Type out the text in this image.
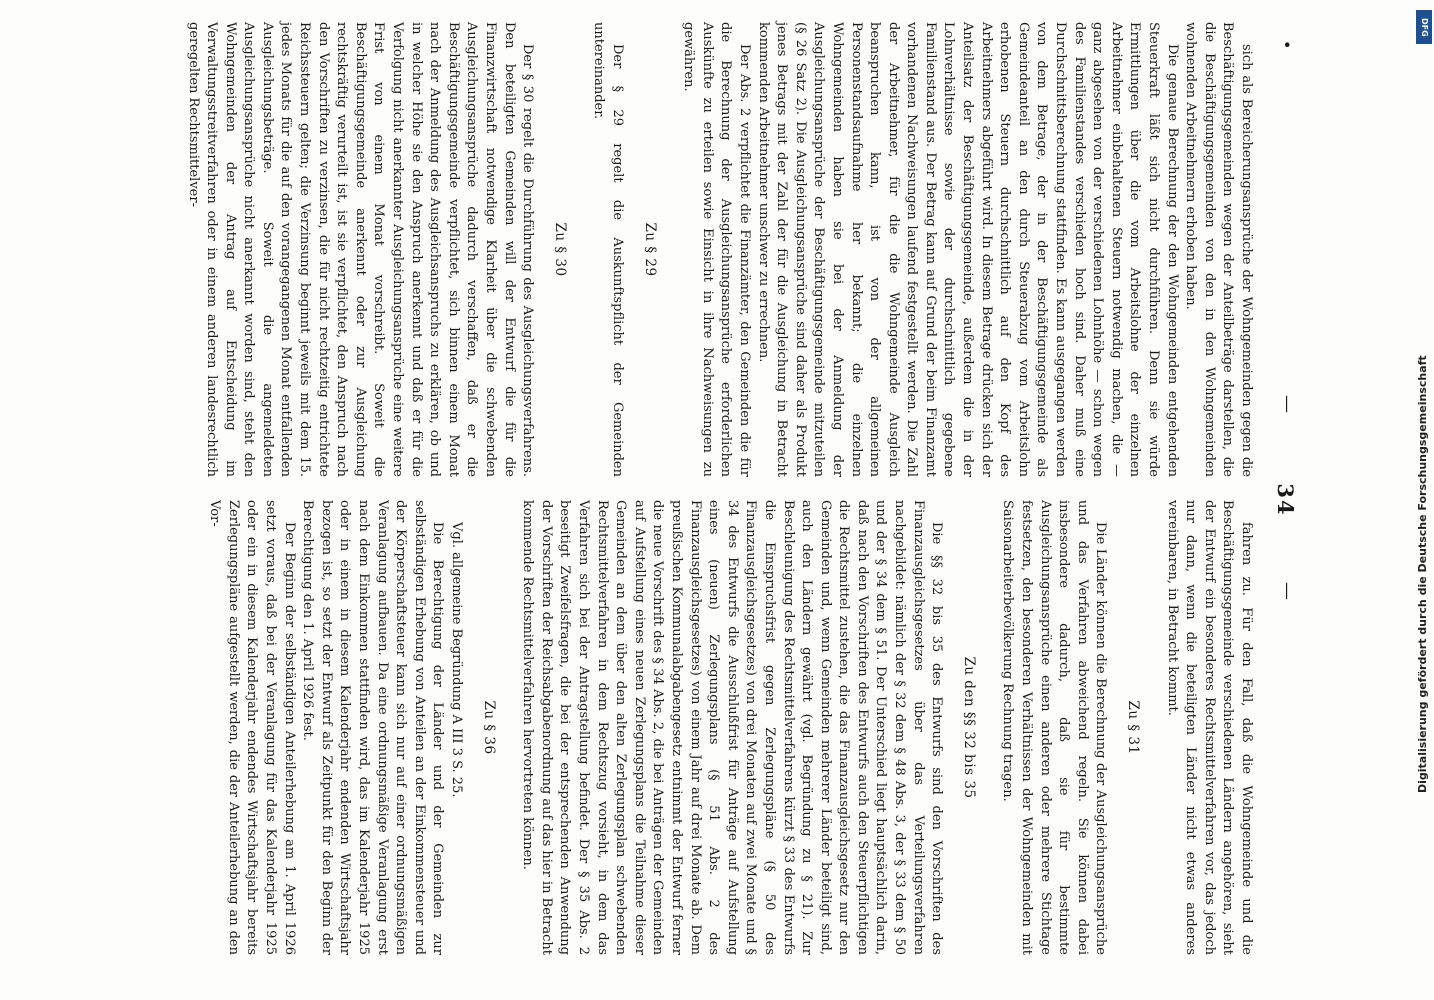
•
—
34
—

sich als Bereicherungsansprüche der Wohngemeinden gegen die Beschäftigungsgemeinden wegen der Anteilbeträge darstellen, die die Beschäftigungsgemeinden von den in den Wohngemeinden wohnenden Arbeitnehmern erhoben haben.

Die genaue Berechnung der den Wohngemeinden entgehenden Steuerkraft läßt sich nicht durchführen. Denn sie würde Ermittlungen über die vom Arbeitslohne der einzelnen Arbeitnehmer einbehaltenen Steuern notwendig machen, die — ganz abgesehen von der verschiedenen Lohnhöhe — schon wegen des Familienstandes verschieden hoch sind. Daher muß eine Durchschnittsberechnung stattfinden. Es kann ausgegangen werden von dem Betrage, der in der Beschäftigungsgemeinde als Gemeindeanteil an den durch Steuerabzug vom Arbeitslohn erhobenen Steuern durchschnittlich auf den Kopf des Arbeitnehmers abgeführt wird. In diesem Betrage drücken sich der Anteilsatz der Beschäftigungsgemeinde, außerdem die in der Lohnverhältnisse sowie der durchschnittlich gegebene Familienstand aus. Der Betrag kann auf Grund der beim Finanzamt vorhandenen Nachweisungen laufend festgestellt werden. Die Zahl der Arbeitnehmer, für die die Wohngemeinde Ausgleich beanspruchen kann, ist von der allgemeinen Personenstandsaufnahme her bekannt; die einzelnen Wohngemeinden haben sie bei der Anmeldung der Ausgleichungsansprüche der Beschäftigungsgemeinde mitzuteilen (§ 26 Satz 2). Die Ausgleichungsansprüche sind daher als Produkt jenes Betrags mit der Zahl der für die Ausgleichung in Betracht kommenden Arbeitnehmer unschwer zu errechnen.

Der Abs. 2 verpflichtet die Finanzämter, den Gemeinden die für die Berechnung der Ausgleichungsansprüche erforderlichen Auskünfte zu erteilen sowie Einsicht in ihre Nachweisungen zu gewähren.

Zu § 29

Der § 29 regelt die Auskunftspflicht der Gemeinden untereinander.

Zu § 30

Der § 30 regelt die Durchführung des Ausgleichungsverfahrens. Den beteiligten Gemeinden will der Entwurf die für die Finanzwirtschaft notwendige Klarheit über die schwebenden Ausgleichungsansprüche dadurch verschaffen, daß er die Beschäftigungsgemeinde verpflichtet, sich binnen einem Monat nach der Anmeldung des Ausgleichsanspruchs zu erklären, ob und in welcher Höhe sie den Anspruch anerkennt und daß er für die Verfolgung nicht anerkannter Ausgleichungsansprüche eine weitere Frist von einem Monat vorschreibt. Soweit die Beschäftigungsgemeinde anerkennt oder zur Ausgleichung rechtskräftig verurteilt ist, ist sie verpflichtet, den Anspruch nach den Vorschriften zu verzinsen, die für nicht rechtzeitig entrichtete Reichssteuern gelten; die Verzinsung beginnt jeweils mit dem 15. jedes Monats für die auf den vorangegangenen Monat entfallenden Ausgleichungsbeträge. Soweit die angemeldeten Ausgleichungsansprüche nicht anerkannt worden sind, steht den Wohngemeinden der Antrag auf Entscheidung im Verwaltungsstreitverfahren oder in einem anderen landesrechtlich geregelten Rechtsmittelver-

fahren zu. Für den Fall, daß die Wohngemeinde und die Beschäftigungsgemeinde verschiedenen Ländern angehören, sieht der Entwurf ein besonderes Rechtsmittelverfahren vor, das jedoch nur dann, wenn die beteiligten Länder nicht etwas anderes vereinbaren, in Betracht kommt.

Zu § 31

Die Länder können die Berechnung der Ausgleichungsansprüche und das Verfahren abweichend regeln. Sie können dabei insbesondere dadurch, daß sie für bestimmte Ausgleichungsansprüche einen anderen oder mehrere Stichtage festsetzen, den besonderen Verhältnissen der Wohngemeinden mit Saisonarbeiterbevölkerung Rechnung tragen.

Zu den §§ 32 bis 35

Die §§ 32 bis 35 des Entwurfs sind den Vorschriften des Finanzausgleichsgesetzes über das Verteilungsverfahren nachgebildet: nämlich der § 32 dem § 48 Abs. 3, der § 33 dem § 50 und der § 34 dem § 51. Der Unterschied liegt hauptsächlich darin, daß nach den Vorschriften des Entwurfs auch den Steuerpflichtigen die Rechtsmittel zustehen, die das Finanzausgleichsgesetz nur den Gemeinden und, wenn Gemeinden mehrerer Länder beteiligt sind, auch den Ländern gewährt (vgl. Begründung zu § 21). Zur Beschleunigung des Rechtsmittelverfahrens kürzt § 33 des Entwurfs die Einspruchsfrist gegen Zerlegungspläne (§ 50 des Finanzausgleichsgesetzes) von drei Monaten auf zwei Monate und § 34 des Entwurfs die Ausschlußfrist für Anträge auf Aufstellung eines (neuen) Zerlegungsplans (§ 51 Abs. 2 des Finanzausgleichsgesetzes) von einem Jahr auf drei Monate ab. Dem preußischen Kommunalabgabengesetz entnimmt der Entwurf ferner die neue Vorschrift des § 34 Abs. 2, die bei Anträgen der Gemeinden auf Aufstellung eines neuen Zerlegungsplans die Teilnahme dieser Gemeinden an dem über den alten Zerlegungsplan schwebenden Rechtsmittelverfahren in dem Rechtszug vorsieht, in dem das Verfahren sich bei der Antragstellung befindet. Der § 35 Abs. 2 beseitigt Zweifelsfragen, die bei der entsprechenden Anwendung der Vorschriften der Reichsabgabenordnung auf das hier in Betracht kommende Rechtsmittelverfahren hervortreten können.

Zu § 36

Vgl. allgemeine Begründung A III 3 S. 25.

Die Berechtigung der Länder und der Gemeinden zur selbständigen Erhebung von Anteilen an der Einkommensteuer und der Körperschaftsteuer kann sich nur auf einer ordnungsmäßigen Veranlagung aufbauen. Da eine ordnungsmäßige Veranlagung erst nach dem Einkommen stattfinden wird, das im Kalenderjahr 1925 oder in einem in diesem Kalenderjahr endenden Wirtschaftsjahr bezogen ist, so setzt der Entwurf als Zeitpunkt für den Beginn der Berechtigung den 1. April 1926 fest.

Der Beginn der selbständigen Anteilerhebung am 1. April 1926 setzt voraus, daß bei der Veranlagung für das Kalenderjahr 1925 oder ein in diesem Kalenderjahr endendes Wirtschaftsjahr bereits Zerlegungspläne aufgestellt werden, die der Anteilerhebung an den Vor-

DFG
Digitalisierung gefördert durch die Deutsche Forschungsgemeinschaft
